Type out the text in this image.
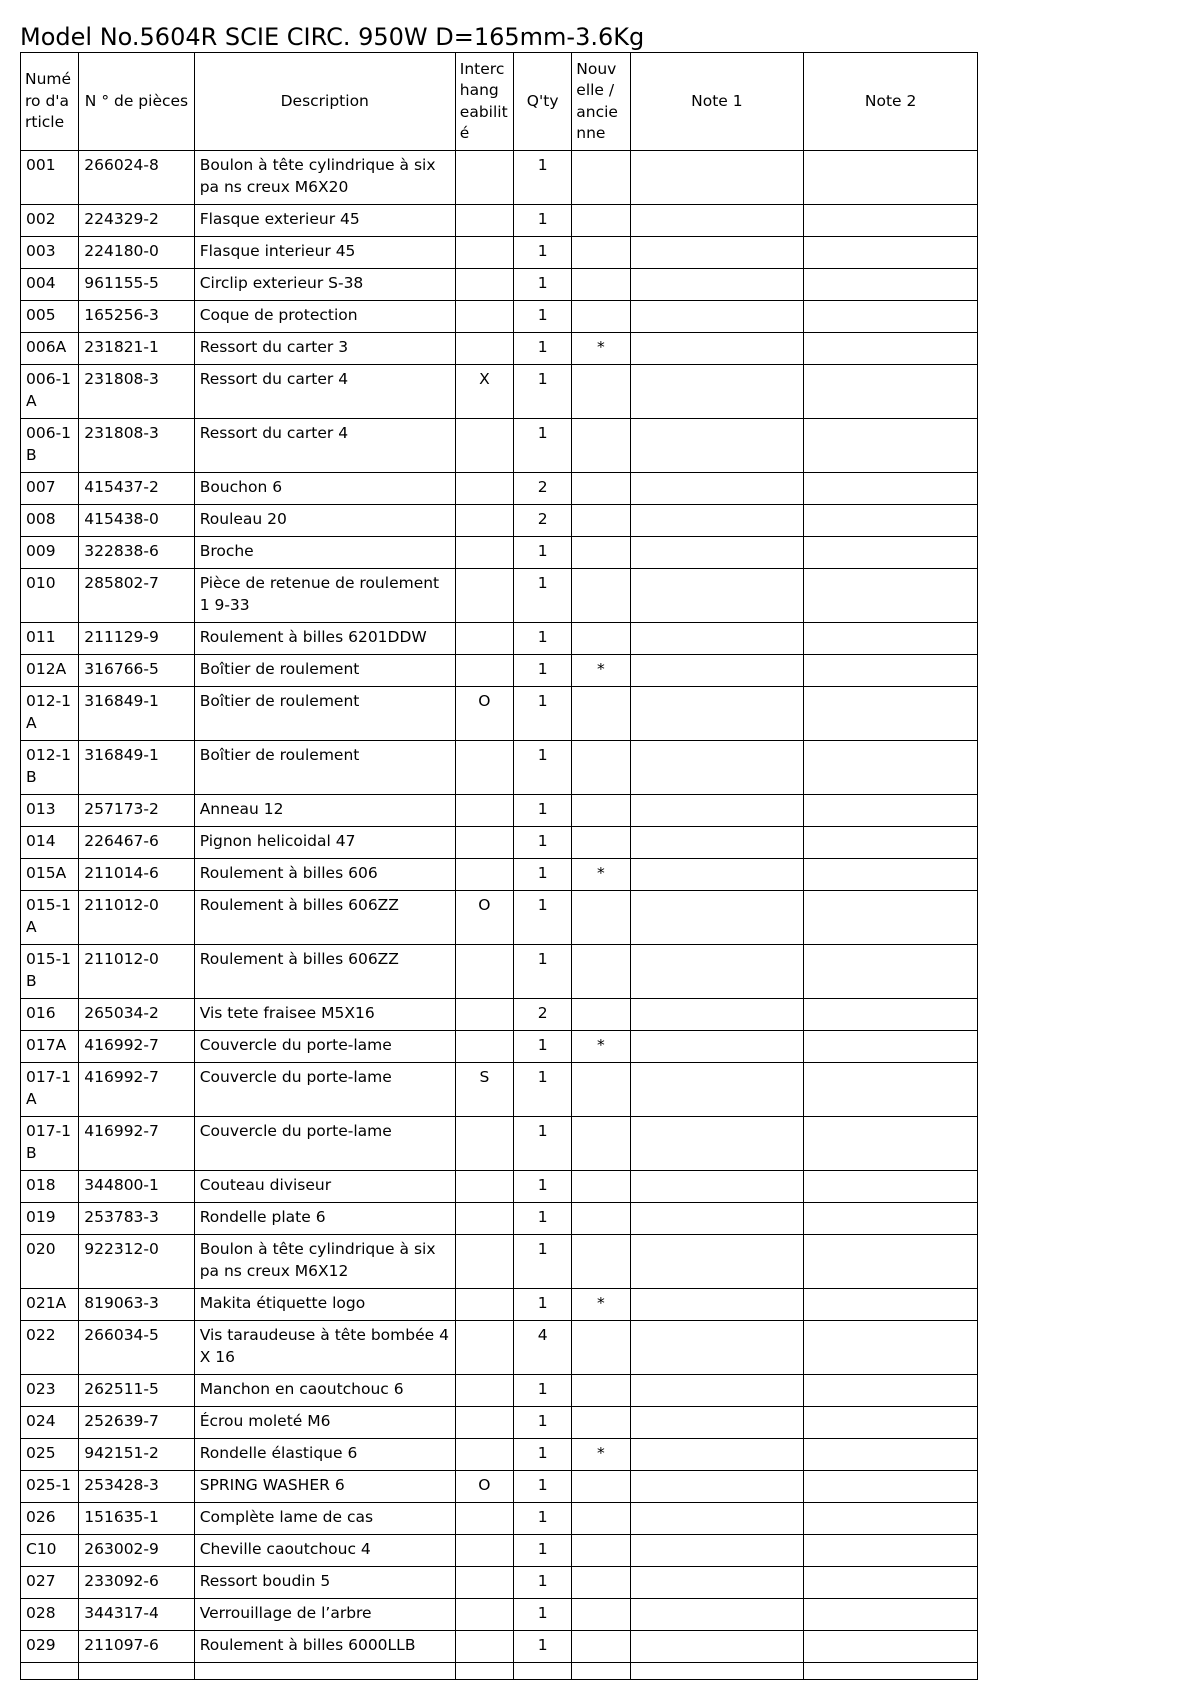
Model No.5604R SCIE CIRC. 950W D=165mm-3.6Kg
Numé ro d'a rticle	N ° de pièces	Description	Interc hang eabilit é	Q'ty	Nouv elle / ancie nne	Note 1	Note 2
001	266024-8	Boulon à tête cylindrique à six pa ns creux M6X20		1			
002	224329-2	Flasque exterieur 45		1			
003	224180-0	Flasque interieur 45		1			
004	961155-5	Circlip exterieur S-38		1			
005	165256-3	Coque de protection		1			
006A	231821-1	Ressort du carter 3		1	*		
006-1 A	231808-3	Ressort du carter 4	X	1			
006-1 B	231808-3	Ressort du carter 4		1			
007	415437-2	Bouchon 6		2			
008	415438-0	Rouleau 20		2			
009	322838-6	Broche		1			
010	285802-7	Pièce de retenue de roulement 1 9-33		1			
011	211129-9	Roulement à billes 6201DDW		1			
012A	316766-5	Boîtier de roulement		1	*		
012-1 A	316849-1	Boîtier de roulement	O	1			
012-1 B	316849-1	Boîtier de roulement		1			
013	257173-2	Anneau 12		1			
014	226467-6	Pignon helicoidal 47		1			
015A	211014-6	Roulement à billes 606		1	*		
015-1 A	211012-0	Roulement à billes 606ZZ	O	1			
015-1 B	211012-0	Roulement à billes 606ZZ		1			
016	265034-2	Vis tete fraisee M5X16		2			
017A	416992-7	Couvercle du porte-lame		1	*		
017-1 A	416992-7	Couvercle du porte-lame	S	1			
017-1 B	416992-7	Couvercle du porte-lame		1			
018	344800-1	Couteau diviseur		1			
019	253783-3	Rondelle plate 6		1			
020	922312-0	Boulon à tête cylindrique à six pa ns creux M6X12		1			
021A	819063-3	Makita étiquette logo		1	*		
022	266034-5	Vis taraudeuse à tête bombée 4X 16		4			
023	262511-5	Manchon en caoutchouc 6		1			
024	252639-7	Écrou moleté M6		1			
025	942151-2	Rondelle élastique 6		1	*		
025-1	253428-3	SPRING WASHER 6	O	1			
026	151635-1	Complète lame de cas		1			
C10	263002-9	Cheville caoutchouc 4		1			
027	233092-6	Ressort boudin 5		1			
028	344317-4	Verrouillage de l’arbre		1			
029	211097-6	Roulement à billes 6000LLB		1			
